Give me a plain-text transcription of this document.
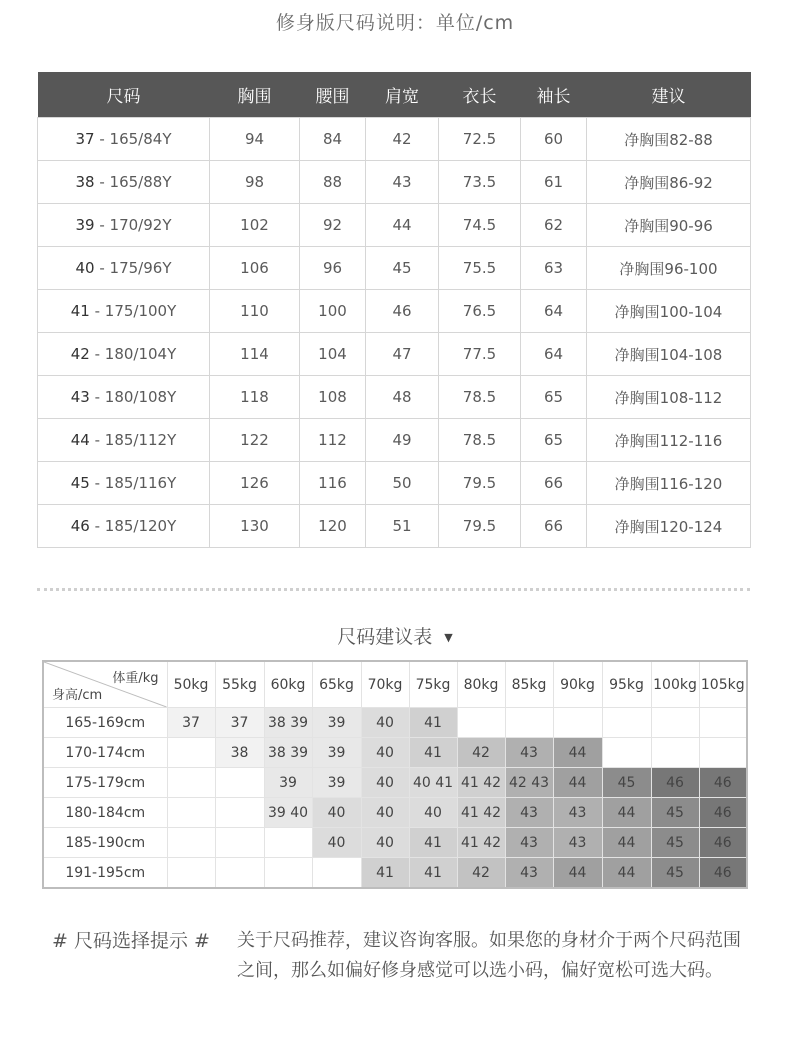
修身版尺码说明：单位/cm
尺码	胸围	腰围	肩宽	衣长	袖长	建议
37 - 165/84Y	94	84	42	72.5	60	净胸围82-88
38 - 165/88Y	98	88	43	73.5	61	净胸围86-92
39 - 170/92Y	102	92	44	74.5	62	净胸围90-96
40 - 175/96Y	106	96	45	75.5	63	净胸围96-100
41 - 175/100Y	110	100	46	76.5	64	净胸围100-104
42 - 180/104Y	114	104	47	77.5	64	净胸围104-108
43 - 180/108Y	118	108	48	78.5	65	净胸围108-112
44 - 185/112Y	122	112	49	78.5	65	净胸围112-116
45 - 185/116Y	126	116	50	79.5	66	净胸围116-120
46 - 185/120Y	130	120	51	79.5	66	净胸围120-124
尺码建议表 ▼
体重/kg
身高/cm	50kg	55kg	60kg	65kg	70kg	75kg	80kg	85kg	90kg	95kg	100kg	105kg
165-169cm	37	37	38 39	39	40	41						
170-174cm		38	38 39	39	40	41	42	43	44			
175-179cm			39	39	40	40 41	41 42	42 43	44	45	46	46
180-184cm			39 40	40	40	40	41 42	43	43	44	45	46
185-190cm				40	40	41	41 42	43	43	44	45	46
191-195cm					41	41	42	43	44	44	45	46
# 尺码选择提示 # 关于尺码推荐，建议咨询客服。如果您的身材介于两个尺码范围之间，那么如偏好修身感觉可以选小码，偏好宽松可选大码。
